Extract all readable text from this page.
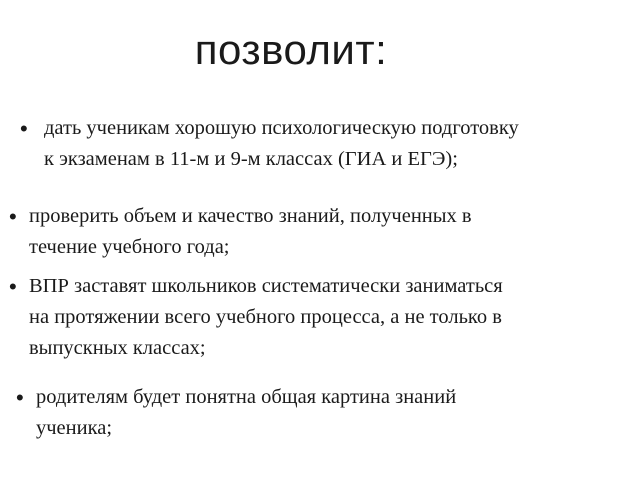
позволит:
• дать ученикам хорошую психологическую подготовку
к экзаменам в 11-м и 9-м классах (ГИА и ЕГЭ);
• проверить объем и качество знаний, полученных в
течение учебного года;
• ВПР заставят школьников систематически заниматься
на протяжении всего учебного процесса, а не только в
выпускных классах;
• родителям будет понятна общая картина знаний
ученика;
